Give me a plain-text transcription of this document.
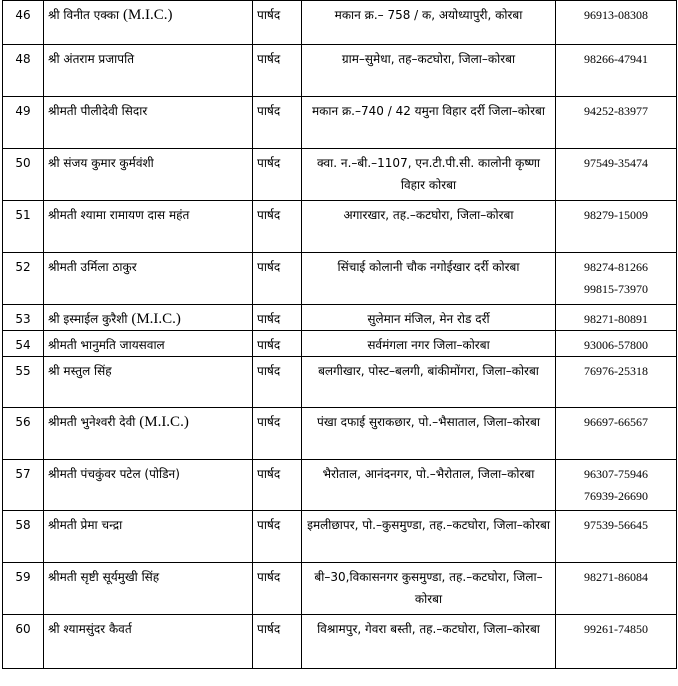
46	श्री विनीत एक्का (M.I.C.)	पार्षद	मकान क्र.– 758 / क, अयोध्यापुरी, कोरबा	96913-08308

48	श्री अंतराम प्रजापति	पार्षद	ग्राम–सुमेधा, तह–कटघोरा, जिला–कोरबा	98266-47941

49	श्रीमती पीलीदेवी सिदार	पार्षद	मकान क्र.–740 / 42 यमुना विहार दर्री जिला–कोरबा	94252-83977

50	श्री संजय कुमार कुर्मवंशी	पार्षद	क्वा. न.–बी.–1107, एन.टी.पी.सी. कालोनी कृष्णा विहार कोरबा	97549-35474

51	श्रीमती श्यामा रामायण दास महंत	पार्षद	अगारखार, तह.–कटघोरा, जिला–कोरबा	98279-15009

52	श्रीमती उर्मिला ठाकुर	पार्षद	सिंचाई कोलानी चौक नगोईखार दर्री कोरबा	98274-81266
99815-73970

53	श्री इस्माईल कुरैशी (M.I.C.)	पार्षद	सुलेमान मंजिल, मेन रोड दर्री	98271-80891

54	श्रीमती भानुमति जायसवाल	पार्षद	सर्वमंगला नगर जिला–कोरबा	93006-57800

55	श्री मस्तुल सिंह	पार्षद	बलगीखार, पोस्ट–बलगी, बांकीमोंगरा, जिला–कोरबा	76976-25318

56	श्रीमती भुनेश्वरी देवी (M.I.C.)	पार्षद	पंखा दफाई सुराकछार, पो.–भैसाताल, जिला–कोरबा	96697-66567

57	श्रीमती पंचकुंवर पटेल (पोडिन)	पार्षद	भैरोताल, आनंदनगर, पो.–भैरोताल, जिला–कोरबा	96307-75946
76939-26690

58	श्रीमती प्रेमा चन्द्रा	पार्षद	इमलीछापर, पो.–कुसमुण्डा, तह.–कटघोरा, जिला–कोरबा	97539-56645

59	श्रीमती सृष्टी सूर्यमुखी सिंह	पार्षद	बी–30,विकासनगर कुसमुण्डा, तह.–कटघोरा, जिला–कोरबा	98271-86084

60	श्री श्यामसुंदर कैवर्त	पार्षद	विश्रामपुर, गेवरा बस्ती, तह.–कटघोरा, जिला–कोरबा	99261-74850
